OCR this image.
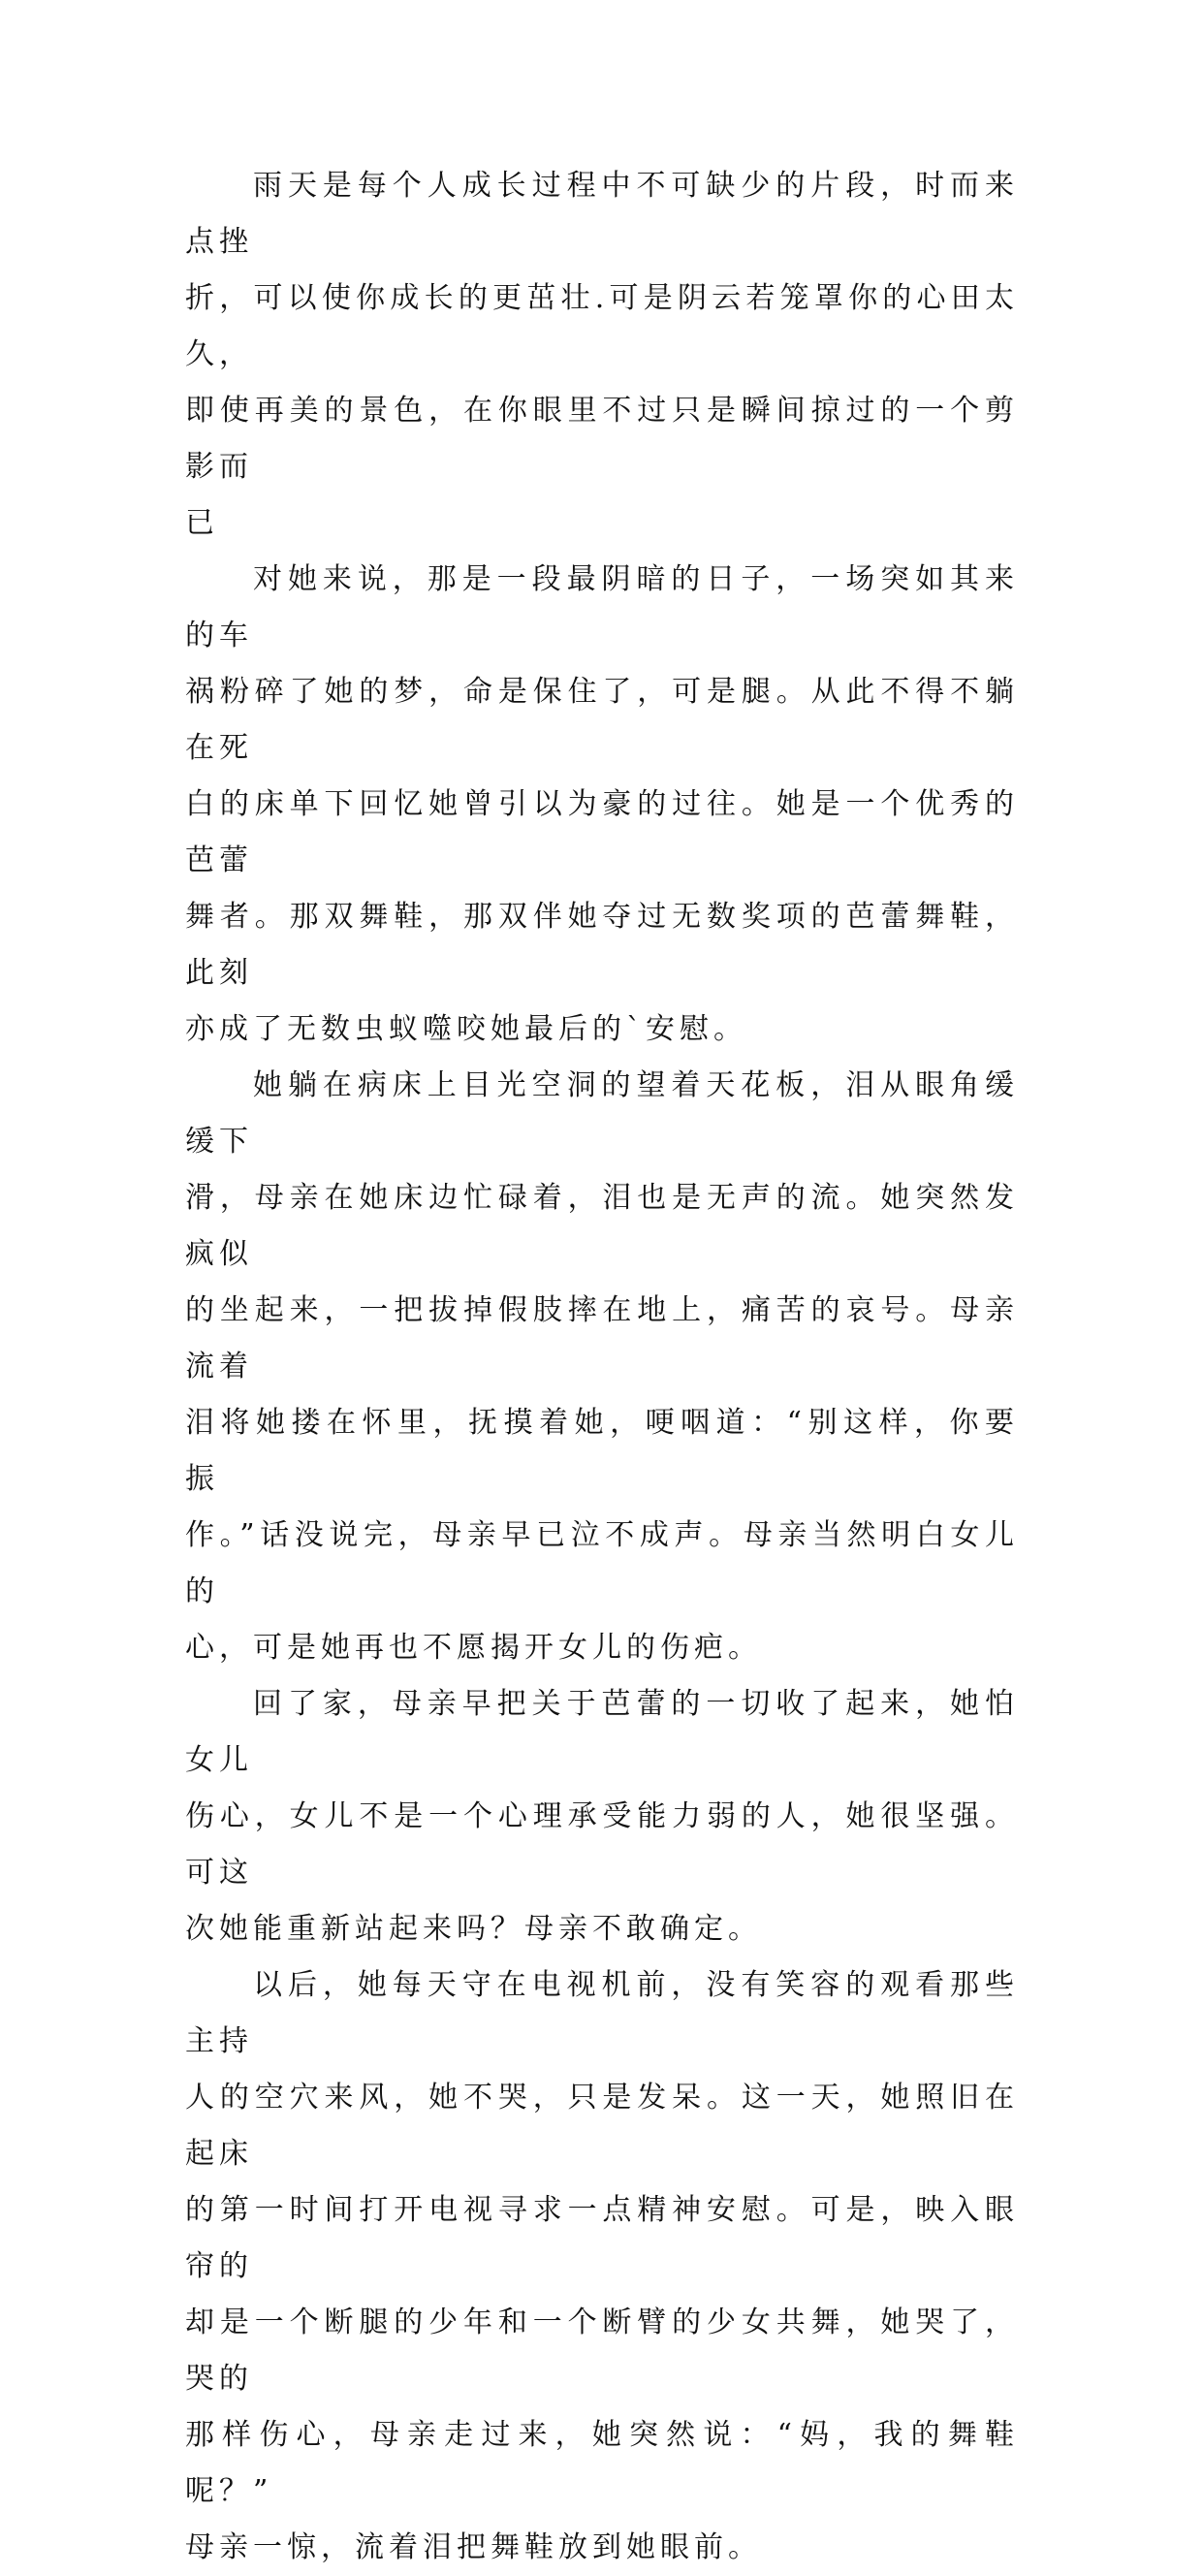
雨天是每个人成长过程中不可缺少的片段，时而来点挫
折，可以使你成长的更茁壮.可是阴云若笼罩你的心田太久，
即使再美的景色，在你眼里不过只是瞬间掠过的一个剪影而
已

对她来说，那是一段最阴暗的日子，一场突如其来的车
祸粉碎了她的梦，命是保住了，可是腿。从此不得不躺在死
白的床单下回忆她曾引以为豪的过往。她是一个优秀的芭蕾
舞者。那双舞鞋，那双伴她夺过无数奖项的芭蕾舞鞋，此刻
亦成了无数虫蚁噬咬她最后的`安慰。

她躺在病床上目光空洞的望着天花板，泪从眼角缓缓下
滑，母亲在她床边忙碌着，泪也是无声的流。她突然发疯似
的坐起来，一把拔掉假肢摔在地上，痛苦的哀号。母亲流着
泪将她搂在怀里，抚摸着她，哽咽道：“别这样，你要振
作。”话没说完，母亲早已泣不成声。母亲当然明白女儿的
心，可是她再也不愿揭开女儿的伤疤。

回了家，母亲早把关于芭蕾的一切收了起来，她怕女儿
伤心，女儿不是一个心理承受能力弱的人，她很坚强。可这
次她能重新站起来吗？母亲不敢确定。

以后，她每天守在电视机前，没有笑容的观看那些主持
人的空穴来风，她不哭，只是发呆。这一天，她照旧在起床
的第一时间打开电视寻求一点精神安慰。可是，映入眼帘的
却是一个断腿的少年和一个断臂的少女共舞，她哭了，哭的
那样伤心，母亲走过来，她突然说：“妈，我的舞鞋呢？”
母亲一惊，流着泪把舞鞋放到她眼前。
